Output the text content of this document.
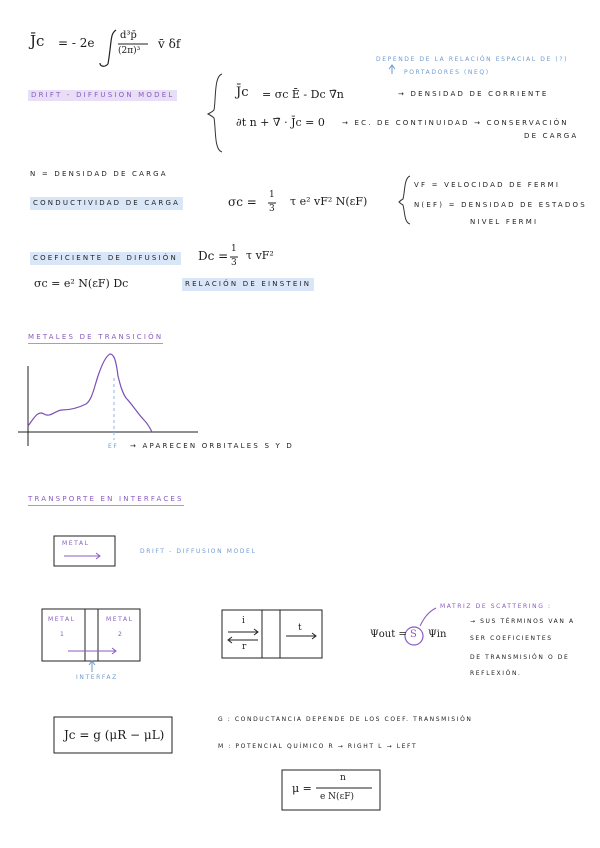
J̄c = - 2e
d³p̄
(2π)³ v̄ δf
DEPENDE DE LA RELACIÓN ESPACIAL DE (?)
PORTADORES (NEQ)
DRIFT - DIFFUSION MODEL	J̄c = σc Ē - Dc ∇̄n	→ DENSIDAD DE CORRIENTE
∂t n + ∇̄ · J̄c = 0 → EC. DE CONTINUIDAD → CONSERVACIÓN
DE CARGA
N = DENSIDAD DE CARGA
CONDUCTIVIDAD DE CARGA	σc = 1
3
τ e² vF² N(εF)
VF = VELOCIDAD DE FERMI
N(ΕF) = DENSIDAD DE ESTADOS
NIVEL FERMI
COEFICIENTE DE DIFUSIÓN Dc = 1
3
τ vF²
σc = e² N(εF) Dc	RELACIÓN DE EINSTEIN
METALES DE TRANSICIÓN
EF → APARECEN ORBITALES S Y D
TRANSPORTE EN INTERFACES
METAL
DRIFT - DIFFUSION MODEL
METAL
1
METAL
2
INTERFAZ
i
r
t
Ψout = S Ψin
MATRIZ DE SCATTERING :
→ SUS TÉRMINOS VAN A
SER COEFICIENTES
DE TRANSMISIÓN O DE
REFLEXIÓN.
Jc = g (μR − μL)
G : CONDUCTANCIA DEPENDE DE LOS COEF. TRANSMISIÓN
Μ : POTENCIAL QUÍMICO R → RIGHT L → LEFT
μ =
n
e N(εF)
